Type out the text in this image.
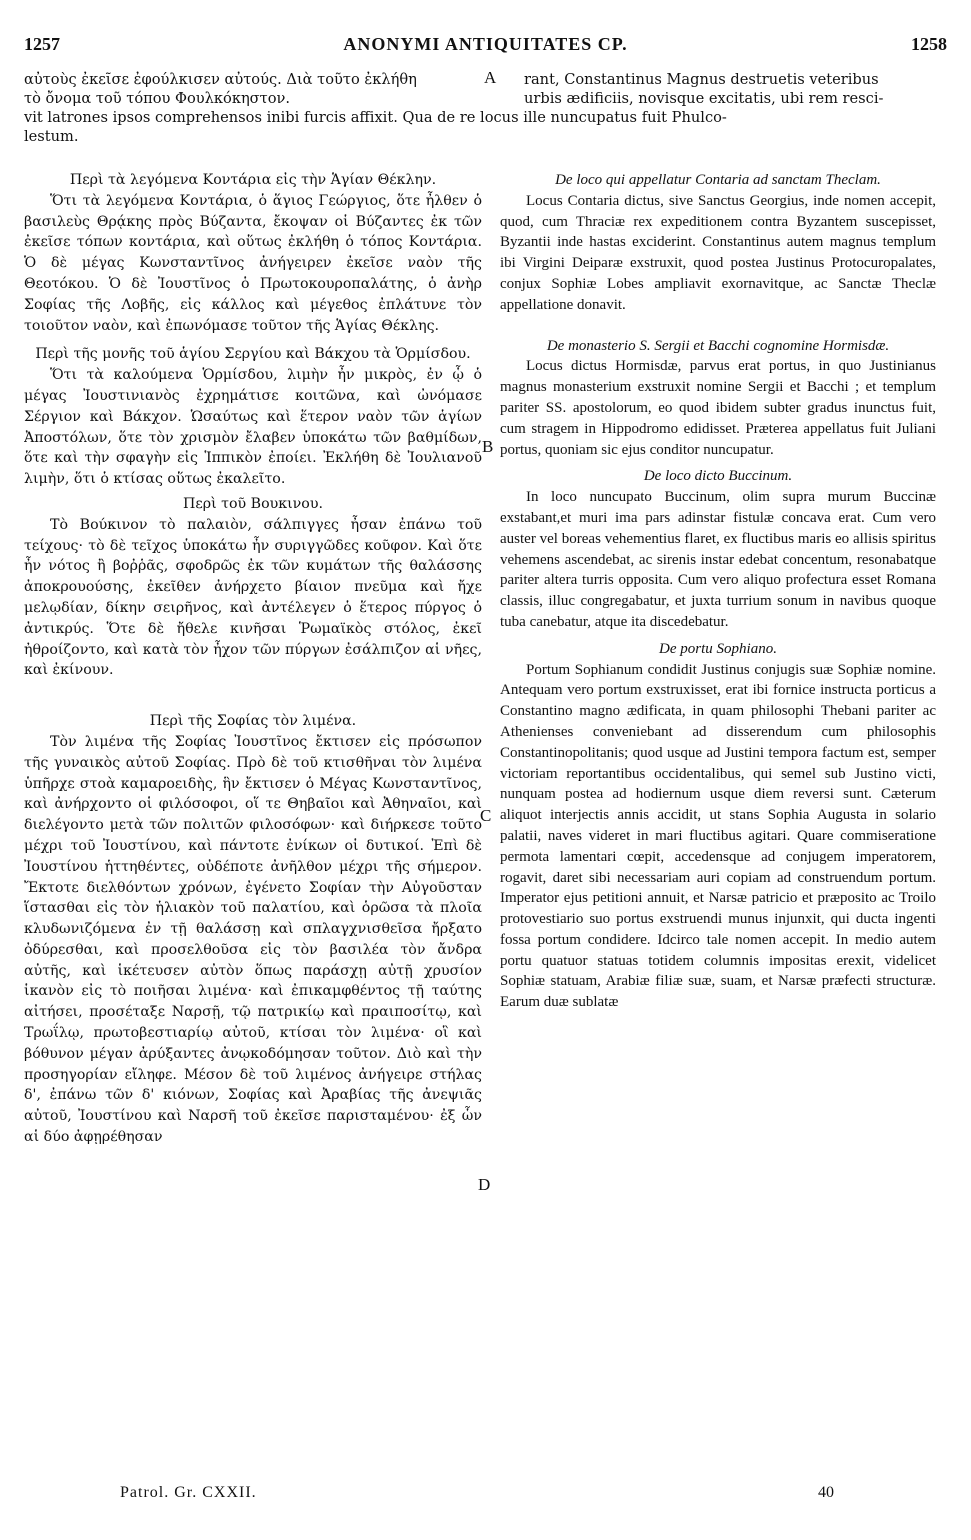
1257	ANONYMI ANTIQUITATES CP.	1258
αὐτοὺς ἐκεῖσε ἐφούλκισεν αὐτούς. Διὰ τοῦτο ἐκλήθη	rant, Constantinus Magnus destruetis veteribus
τὸ ὄνομα τοῦ τόπου Φουλκόκηστον.	urbis ædificiis, novisque excitatis, ubi rem resci-
vit latrones ipsos comprehensos inibi furcis affixit. Qua de re locus ille nuncupatus fuit Phulco-
lestum.
A
B
C
D

Περὶ τὰ λεγόμενα Κοντάρια εἰς τὴν Ἁγίαν Θέκλην.

Ὅτι τὰ λεγόμενα Κοντάρια, ὁ ἅγιος Γεώργιος, ὅτε ἦλθεν ὁ βασιλεὺς Θρᾴκης πρὸς Βύζαντα, ἔκοψαν οἱ Βύζαντες ἐκ τῶν ἐκεῖσε τόπων κοντάρια, καὶ οὕτως ἐκλήθη ὁ τόπος Κοντάρια. Ὁ δὲ μέγας Κωνσταντῖνος ἀνήγειρεν ἐκεῖσε ναὸν τῆς Θεοτόκου. Ὁ δὲ Ἰουστῖνος ὁ Πρωτοκουροπαλάτης, ὁ ἀνὴρ Σοφίας τῆς Λοβῆς, εἰς κάλλος καὶ μέγεθος ἐπλάτυνε τὸν τοιοῦτον ναὸν, καὶ ἐπωνόμασε τοῦτον τῆς Ἁγίας Θέκλης.

Περὶ τῆς μονῆς τοῦ ἁγίου Σεργίου καὶ Βάκχου τὰ Ὁρμίσδου.

Ὅτι τὰ καλούμενα Ὁρμίσδου, λιμὴν ἦν μικρὸς, ἐν ᾧ ὁ μέγας Ἰουστινιανὸς ἐχρημάτισε κοιτῶνα, καὶ ὠνόμασε Σέργιον καὶ Βάκχον. Ὡσαύτως καὶ ἕτερον ναὸν τῶν ἁγίων Ἀποστόλων, ὅτε τὸν χρισμὸν ἔλαβεν ὑποκάτω τῶν βαθμίδων, ὅτε καὶ τὴν σφαγὴν εἰς Ἱππικὸν ἐποίει. Ἐκλήθη δὲ Ἰουλιανοῦ λιμὴν, ὅτι ὁ κτίσας οὕτως ἐκαλεῖτο.

Περὶ τοῦ Βουκινου.

Τὸ Βούκινον τὸ παλαιὸν, σάλπιγγες ἦσαν ἐπάνω τοῦ τείχους· τὸ δὲ τεῖχος ὑποκάτω ἦν συριγγῶδες κοῦφον. Καὶ ὅτε ἦν νότος ἢ βοῤῥᾶς, σφοδρῶς ἐκ τῶν κυμάτων τῆς θαλάσσης ἀποκρουούσης, ἐκεῖθεν ἀνήρχετο βίαιον πνεῦμα καὶ ἤχε μελῳδίαν, δίκην σειρῆνος, καὶ ἀντέλεγεν ὁ ἕτερος πύργος ὁ ἀντικρύς. Ὅτε δὲ ἤθελε κινῆσαι Ῥωμαϊκὸς στόλος, ἐκεῖ ἠθροίζοντο, καὶ κατὰ τὸν ἦχον τῶν πύργων ἐσάλπιζον αἱ νῆες, καὶ ἐκίνουν.

Περὶ τῆς Σοφίας τὸν λιμένα.

Τὸν λιμένα τῆς Σοφίας Ἰουστῖνος ἔκτισεν εἰς πρόσωπον τῆς γυναικὸς αὐτοῦ Σοφίας. Πρὸ δὲ τοῦ κτισθῆναι τὸν λιμένα ὑπῆρχε στοὰ καμαροειδὴς, ἣν ἔκτισεν ὁ Μέγας Κωνσταντῖνος, καὶ ἀνήρχοντο οἱ φιλόσοφοι, οἵ τε Θηβαῖοι καὶ Ἀθηναῖοι, καὶ διελέγοντο μετὰ τῶν πολιτῶν φιλοσόφων· καὶ διήρκεσε τοῦτο μέχρι τοῦ Ἰουστίνου, καὶ πάντοτε ἐνίκων οἱ δυτικοί. Ἐπὶ δὲ Ἰουστίνου ἡττηθέντες, οὐδέποτε ἀνῆλθον μέχρι τῆς σήμερον. Ἔκτοτε διελθόντων χρόνων, ἐγένετο Σοφίαν τὴν Αὐγοῦσταν ἵστασθαι εἰς τὸν ἡλιακὸν τοῦ παλατίου, καὶ ὁρῶσα τὰ πλοῖα κλυδωνιζόμενα ἐν τῇ θαλάσσῃ καὶ σπλαγχνισθεῖσα ἤρξατο ὀδύρεσθαι, καὶ προσελθοῦσα εἰς τὸν βασιλέα τὸν ἄνδρα αὐτῆς, καὶ ἱκέτευσεν αὐτὸν ὅπως παράσχῃ αὐτῇ χρυσίον ἱκανὸν εἰς τὸ ποιῆσαι λιμένα· καὶ ἐπικαμφθέντος τῇ ταύτης αἰτήσει, προσέταξε Ναρσῇ, τῷ πατρικίῳ καὶ πραιποσίτῳ, καὶ Τρωΐλῳ, πρωτοβεστιαρίῳ αὐτοῦ, κτίσαι τὸν λιμένα· οἳ καὶ βόθυνον μέγαν ἀρύξαντες ἀνῳκοδόμησαν τοῦτον. Διὸ καὶ τὴν προσηγορίαν εἴληφε. Μέσον δὲ τοῦ λιμένος ἀνήγειρε στήλας δ', ἐπάνω τῶν δ' κιόνων, Σοφίας καὶ Ἀραβίας τῆς ἀνεψιᾶς αὐτοῦ, Ἰουστίνου καὶ Ναρσῆ τοῦ ἐκεῖσε παρισταμένου· ἐξ ὧν αἱ δύο ἀφῃρέθησαν

De loco qui appellatur Contaria ad sanctam Theclam.

Locus Contaria dictus, sive Sanctus Georgius, inde nomen accepit, quod, cum Thraciæ rex expeditionem contra Byzantem suscepisset, Byzantii inde hastas exciderint. Constantinus autem magnus templum ibi Virgini Deiparæ exstruxit, quod postea Justinus Protocuropalates, conjux Sophiæ Lobes ampliavit exornavitque, ac Sanctæ Theclæ appellatione donavit.

De monasterio S. Sergii et Bacchi cognomine Hormisdæ.

Locus dictus Hormisdæ, parvus erat portus, in quo Justinianus magnus monasterium exstruxit nomine Sergii et Bacchi ; et templum pariter SS. apostolorum, eo quod ibidem subter gradus inunctus fuit, cum stragem in Hippodromo edidisset. Præterea appellatus fuit Juliani portus, quoniam sic ejus conditor nuncupatur.

De loco dicto Buccinum.

In loco nuncupato Buccinum, olim supra murum Buccinæ exstabant,et muri ima pars adinstar fistulæ concava erat. Cum vero auster vel boreas vehementius flaret, ex fluctibus maris eo allisis spiritus vehemens ascendebat, ac sirenis instar edebat concentum, resonabatque pariter altera turris opposita. Cum vero aliquo profectura esset Romana classis, illuc congregabatur, et juxta turrium sonum in navibus quoque tuba canebatur, atque ita discedebatur.

De portu Sophiano.

Portum Sophianum condidit Justinus conjugis suæ Sophiæ nomine. Antequam vero portum exstruxisset, erat ibi fornice instructa porticus a Constantino magno ædificata, in quam philosophi Thebani pariter ac Athenienses conveniebant ad disserendum cum philosophis Constantinopolitanis; quod usque ad Justini tempora factum est, semper victoriam reportantibus occidentalibus, qui semel sub Justino victi, nunquam postea ad hodiernum usque diem reversi sunt. Cæterum aliquot interjectis annis accidit, ut stans Sophia Augusta in solario palatii, naves videret in mari fluctibus agitari. Quare commiseratione permota lamentari cœpit, accedensque ad conjugem imperatorem, rogavit, daret sibi necessariam auri copiam ad construendum portum. Imperator ejus petitioni annuit, et Narsæ patricio et præposito ac Troilo protovestiario suo portus exstruendi munus injunxit, qui ducta ingenti fossa portum condidere. Idcirco tale nomen accepit. In medio autem portu quatuor statuas totidem columnis impositas erexit, videlicet Sophiæ statuam, Arabiæ filiæ suæ, suam, et Narsæ præfecti structuræ. Earum duæ sublatæ

Patrol. Gr. CXXII.	40
